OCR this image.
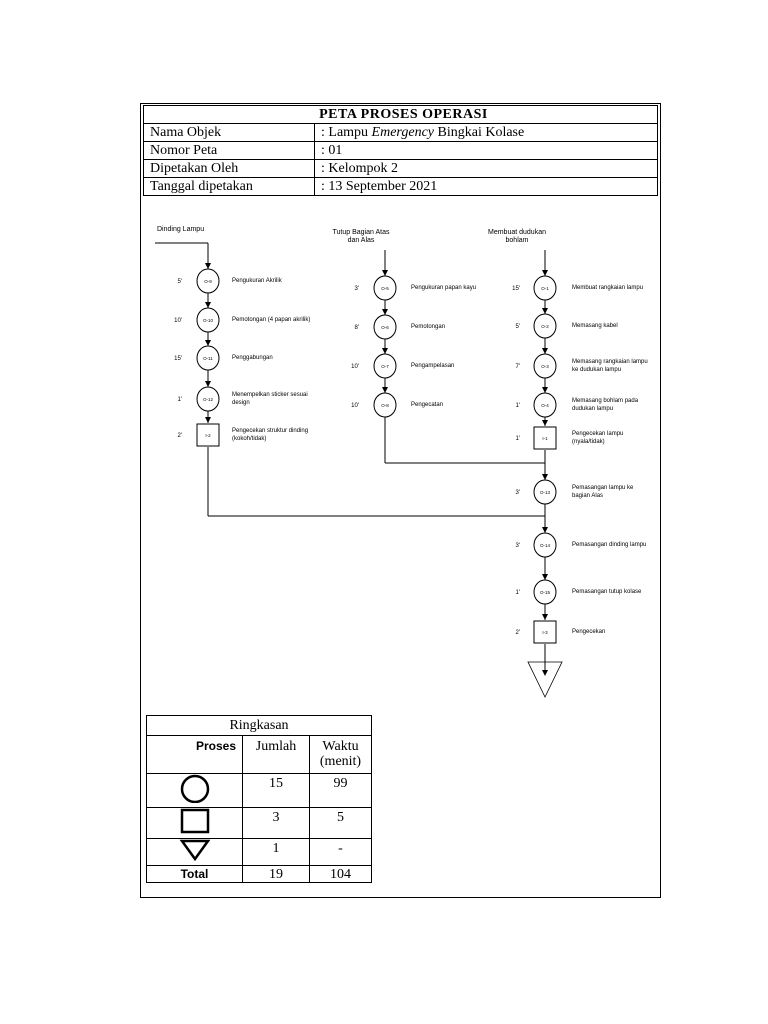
PETA PROSES OPERASI	
Nama Objek	: Lampu Emergency Bingkai Kolase
Nomor Peta	: 01
Dipetakan Oleh	: Kelompok 2
Tanggal dipetakan	: 13 September 2021
Dinding Lampu	Tutup Bagian Atas
dan Alas
Membuat dudukan
bohlam
O-9
5'	Pengukuran Akrilik
O-10
10'	Pemotongan (4 papan akrilik)
O-11
15'	Penggabungan
O-12
1'
Menempelkan sticker sesuai
design
I-2
2'
Pengecekan struktur dinding
(kokoh/tidak)
O-5
3'	Pengukuran papan kayu
O-6
8'	Pemotongan
O-7
10'	Pengampelasan
O-8
10'	Pengecatan
O-1
15'	Membuat rangkaian lampu
O-2
5'	Memasang kabel
O-3
7'
Memasang rangkaian lampu
ke dudukan lampu
O-4
1'
Memasang bohlam pada
dudukan lampu
I-1
1'
Pengecekan lampu
(nyala/tidak)
O-13
3'
Pemasangan lampu ke
bagian Alas
O-14
3'	Pemasangan dinding lampu
O-15
1'	Pemasangan tutup kolase
I-3
2'	Pengecekan
Ringkasan		
Proses	Jumlah	Waktu (menit)
	15	99
	3	5
	1	-
Total	19	104
